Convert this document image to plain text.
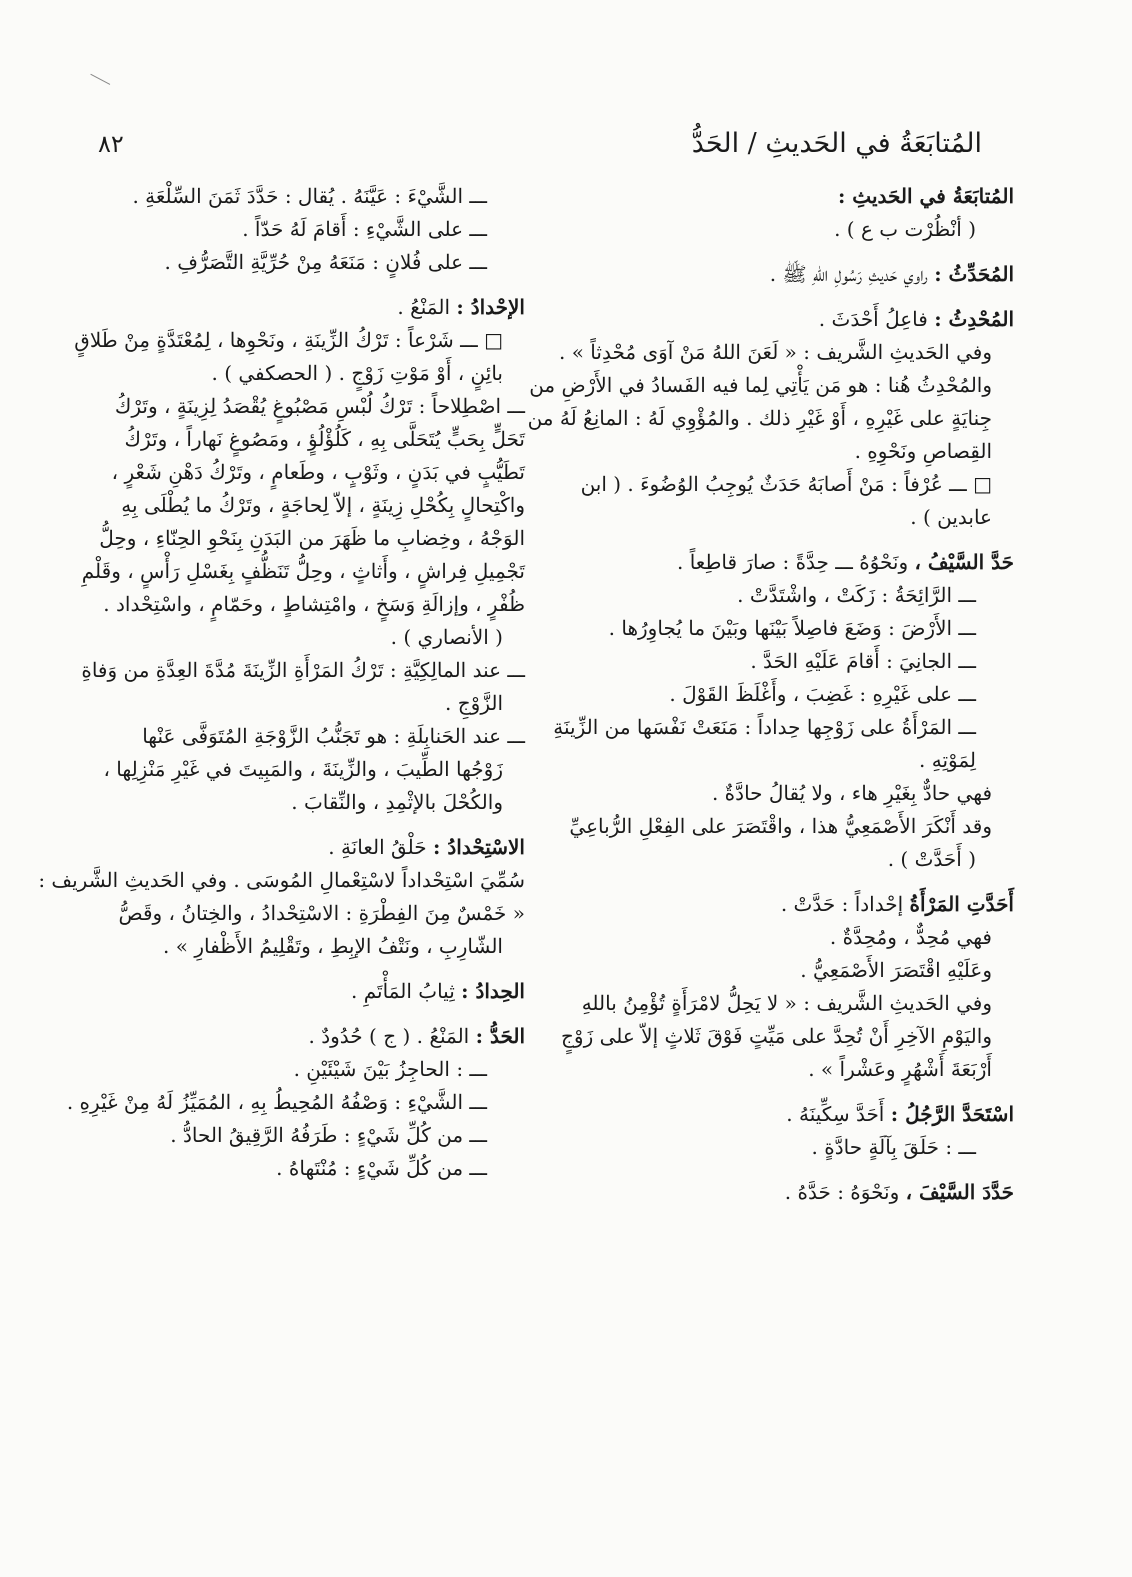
المُتابَعَةُ في الحَديثِ / الحَدُّ
٨٢

المُتابَعَةُ في الحَديثِ :

( أنْظُرْت ب ع ) .

المُحَدِّثُ : راوي حَديثِ رَسُولِ اللهِ ﷺ .

المُحْدِثُ : فاعِلُ أَحْدَثَ .

وفي الحَديثِ الشَّريف : « لَعَنَ اللهُ مَنْ آوَى مُحْدِثاً » .

والمُحْدِثُ هُنا : هو مَن يَأْتِي لِما فيه الفَسادُ في الأَرْضِ من

جِنايَةٍ على غَيْرِهِ ، أَوْ غَيْرِ ذلك . والمُؤْوِي لَهُ : المانِعُ لَهُ من

القِصاصِ ونَحْوِهِ .

□ ـــ عُرْفاً : مَنْ أَصابَهُ حَدَثٌ يُوجِبُ الوُضُوءَ . ( ابن

عابدين ) .

حَدَّ السَّيْفُ ، ونَحْوُهُ ـــ حِدَّةً : صارَ قاطِعاً .

ـــ الرَّائِحَةُ : زَكَتْ ، واشْتَدَّتْ .

ـــ الأَرْضَ : وَضَعَ فاصِلاً بَيْنَها وبَيْنَ ما يُجاوِرُها .

ـــ الجانِيَ : أَقامَ عَلَيْهِ الحَدَّ .

ـــ على غَيْرِهِ : غَضِبَ ، وأَغْلَظَ القَوْلَ .

ـــ المَرْأَةُ على زَوْجِها حِداداً : مَنَعَتْ نَفْسَها من الزِّينَةِ

لِمَوْتِهِ .

فهي حادٌّ بِغَيْرِ هاء ، ولا يُقالُ حادَّةٌ .

وقد أَنْكَرَ الأَصْمَعِيُّ هذا ، واقْتَصَرَ على الفِعْلِ الرُّباعِيِّ

( أَحَدَّتْ ) .

أَحَدَّتِ المَرْأَةُ إحْداداً : حَدَّتْ .

فهي مُحِدٌّ ، ومُحِدَّةٌ .

وعَلَيْهِ اقْتَصَرَ الأَصْمَعِيُّ .

وفي الحَديثِ الشَّريف : « لا يَحِلُّ لامْرَأَةٍ تُؤْمِنُ باللهِ

واليَوْمِ الآخِرِ أَنْ تُحِدَّ على مَيِّتٍ فَوْقَ ثَلاثٍ إلاّ على زَوْجٍ

أَرْبَعَةَ أَشْهُرٍ وعَشْراً » .

اسْتَحَدَّ الرَّجُلُ : أَحَدَّ سِكِّينَهُ .

ـــ : حَلَقَ بِآلَةٍ حادَّةٍ .

حَدَّدَ السَّيْفَ ، ونَحْوَهُ : حَدَّهُ .

ـــ الشَّيْءَ : عَيَّنَهُ . يُقال : حَدَّدَ ثَمَنَ السِّلْعَةِ .

ـــ على الشَّيْءِ : أَقامَ لَهُ حَدّاً .

ـــ على فُلانٍ : مَنَعَهُ مِنْ حُرِّيَّةِ التَّصَرُّفِ .

الإحْدادُ : المَنْعُ .

□ ـــ شَرْعاً : تَرْكُ الزِّينَةِ ، ونَحْوِها ، لِمُعْتَدَّةٍ مِنْ طَلاقٍ

بائِنٍ ، أَوْ مَوْتِ زَوْجٍ . ( الحصكفي ) .

ـــ اصْطِلاحاً : تَرْكُ لُبْسِ مَصْبُوغٍ يُقْصَدُ لِزِينَةٍ ، وتَرْكُ

تَحَلٍّ بِحَبٍّ يُتَحَلَّى بِهِ ، كَلُؤْلُؤٍ ، ومَصُوغٍ نَهاراً ، وتَرْكُ

تَطَيُّبٍ في بَدَنٍ ، وثَوْبٍ ، وطَعامٍ ، وتَرْكُ دَهْنِ شَعْرٍ ،

واكْتِحالٍ بِكُحْلِ زِينَةٍ ، إلاّ لِحاجَةٍ ، وتَرْكُ ما يُطْلَى بِهِ

الوَجْهُ ، وخِضابِ ما ظَهَرَ من البَدَنِ بِنَحْوِ الحِنّاءِ ، وحِلُّ

تَجْمِيلِ فِراشٍ ، وأَثاثٍ ، وحِلُّ تَنَظُّفٍ بِغَسْلِ رَأْسٍ ، وقَلْمِ

ظُفْرٍ ، وإزالَةِ وَسَخٍ ، وامْتِشاطٍ ، وحَمّامٍ ، واسْتِحْداد .

( الأنصاري ) .

ـــ عند المالِكِيَّةِ : تَرْكُ المَرْأَةِ الزِّينَةَ مُدَّةَ العِدَّةِ من وَفاةِ

الزَّوْجِ .

ـــ عند الحَنابِلَةِ : هو تَجَنُّبُ الزَّوْجَةِ المُتَوَفَّى عَنْها

زَوْجُها الطِّيبَ ، والزِّينَةَ ، والمَبِيتَ في غَيْرِ مَنْزِلِها ،

والكُحْلَ بالإثْمِدِ ، والنِّقابَ .

الاسْتِحْدادُ : حَلْقُ العانَةِ .

سُمِّيَ اسْتِحْداداً لاسْتِعْمالِ المُوسَى . وفي الحَديثِ الشَّريف :

« خَمْسٌ مِنَ الفِطْرَةِ : الاسْتِحْدادُ ، والخِتانُ ، وقَصُّ

الشّارِبِ ، ونَتْفُ الإبِطِ ، وتَقْلِيمُ الأَظْفارِ » .

الحِدادُ : ثِيابُ المَأْتَمِ .

الحَدُّ : المَنْعُ . ( ج ) حُدُودٌ .

ـــ : الحاجِزُ بَيْنَ شَيْئَيْنِ .

ـــ الشَّيْءِ : وَصْفُهُ المُحِيطُ بِهِ ، المُمَيِّزُ لَهُ مِنْ غَيْرِهِ .

ـــ من كُلِّ شَيْءٍ : طَرَفُهُ الرَّقِيقُ الحادُّ .

ـــ من كُلِّ شَيْءٍ : مُنْتَهاهُ .
